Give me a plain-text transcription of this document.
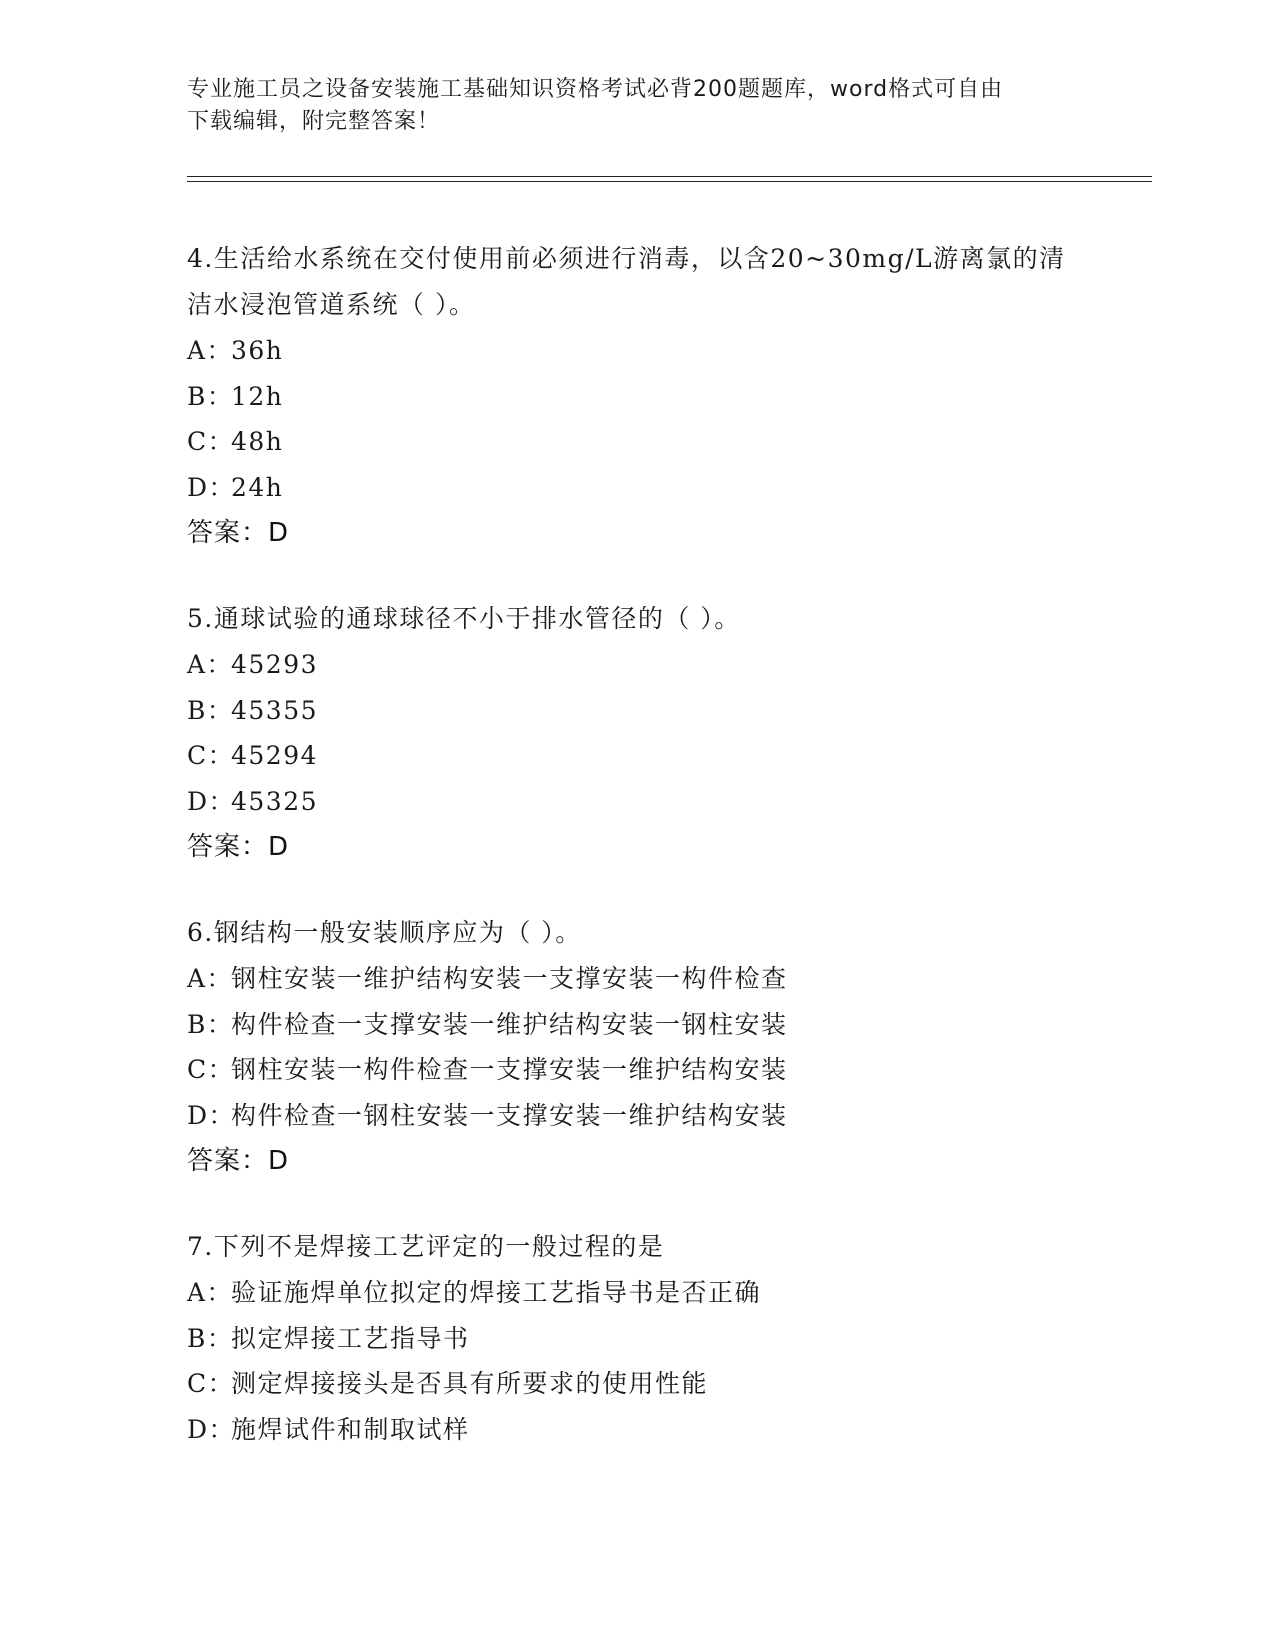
专业施工员之设备安装施工基础知识资格考试必背200题题库，word格式可自由
下载编辑，附完整答案！

4.生活给水系统在交付使用前必须进行消毒，以含20~30mg/L游离氯的清洁水浸泡管道系统（ ）。

A：36h

B：12h

C：48h

D：24h

答案：D

5.通球试验的通球球径不小于排水管径的（ ）。

A：45293

B：45355

C：45294

D：45325

答案：D

6.钢结构一般安装顺序应为（ ）。

A：钢柱安装一维护结构安装一支撑安装一构件检查

B：构件检查一支撑安装一维护结构安装一钢柱安装

C：钢柱安装一构件检查一支撑安装一维护结构安装

D：构件检查一钢柱安装一支撑安装一维护结构安装

答案：D

7.下列不是焊接工艺评定的一般过程的是

A：验证施焊单位拟定的焊接工艺指导书是否正确

B：拟定焊接工艺指导书

C：测定焊接接头是否具有所要求的使用性能

D：施焊试件和制取试样
